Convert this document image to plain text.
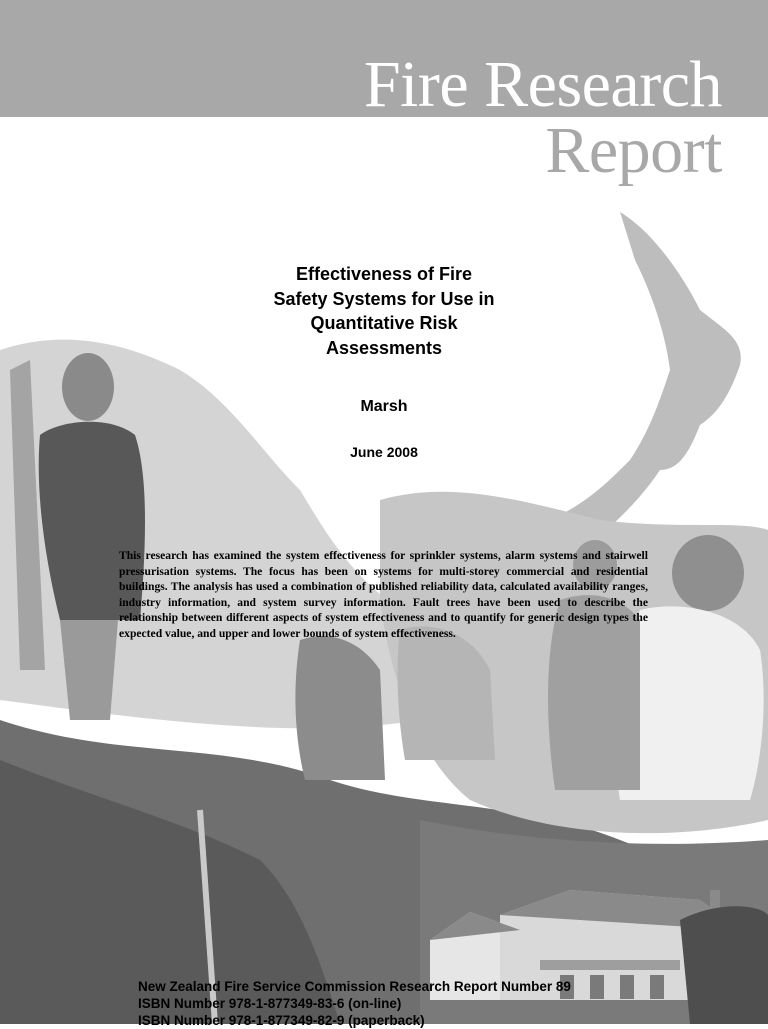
Fire Research
Report
Effectiveness of Fire
Safety Systems for Use in
Quantitative Risk
Assessments
Marsh
June 2008
This research has examined the system effectiveness for sprinkler systems, alarm systems and stairwell pressurisation systems. The focus has been on systems for multi-storey commercial and residential buildings. The analysis has used a combination of published reliability data, calculated availability ranges, industry information, and system survey information. Fault trees have been used to describe the relationship between different aspects of system effectiveness and to quantify for generic design types the expected value, and upper and lower bounds of system effectiveness.
New Zealand Fire Service Commission Research Report Number 89
ISBN Number 978-1-877349-83-6 (on-line)
ISBN Number 978-1-877349-82-9 (paperback)
